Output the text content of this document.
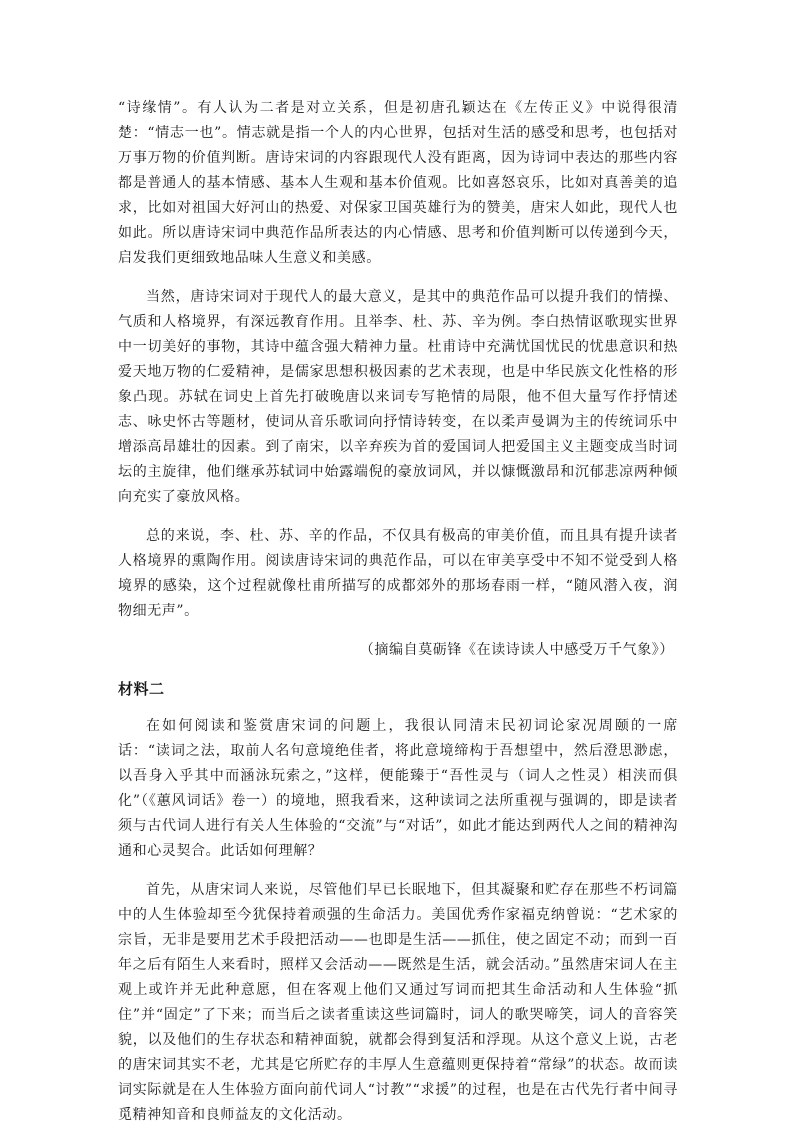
“诗缘情”。有人认为二者是对立关系，但是初唐孔颖达在《左传正义》中说得很清楚：“情志一也”。情志就是指一个人的内心世界，包括对生活的感受和思考，也包括对万事万物的价值判断。唐诗宋词的内容跟现代人没有距离，因为诗词中表达的那些内容都是普通人的基本情感、基本人生观和基本价值观。比如喜怒哀乐，比如对真善美的追求，比如对祖国大好河山的热爱、对保家卫国英雄行为的赞美，唐宋人如此，现代人也如此。所以唐诗宋词中典范作品所表达的内心情感、思考和价值判断可以传递到今天，启发我们更细致地品味人生意义和美感。

当然，唐诗宋词对于现代人的最大意义，是其中的典范作品可以提升我们的情操、气质和人格境界，有深远教育作用。且举李、杜、苏、辛为例。李白热情讴歌现实世界中一切美好的事物，其诗中蕴含强大精神力量。杜甫诗中充满忧国忧民的忧患意识和热爱天地万物的仁爱精神，是儒家思想积极因素的艺术表现，也是中华民族文化性格的形象凸现。苏轼在词史上首先打破晚唐以来词专写艳情的局限，他不但大量写作抒情述志、咏史怀古等题材，使词从音乐歌词向抒情诗转变，在以柔声曼调为主的传统词乐中增添高昂雄壮的因素。到了南宋，以辛弃疾为首的爱国词人把爱国主义主题变成当时词坛的主旋律，他们继承苏轼词中始露端倪的豪放词风，并以慷慨激昂和沉郁悲凉两种倾向充实了豪放风格。

总的来说，李、杜、苏、辛的作品，不仅具有极高的审美价值，而且具有提升读者人格境界的熏陶作用。阅读唐诗宋词的典范作品，可以在审美享受中不知不觉受到人格境界的感染，这个过程就像杜甫所描写的成都郊外的那场春雨一样，“随风潜入夜，润物细无声”。

（摘编自莫砺锋《在读诗读人中感受万千气象》）

材料二

在如何阅读和鉴赏唐宋词的问题上，我很认同清末民初词论家况周颐的一席话：“读词之法，取前人名句意境绝佳者，将此意境缔构于吾想望中，然后澄思渺虑，以吾身入乎其中而涵泳玩索之，”这样，便能臻于“吾性灵与（词人之性灵）相浃而俱化”（《蕙风词话》卷一）的境地，照我看来，这种读词之法所重视与强调的，即是读者须与古代词人进行有关人生体验的“交流”与“对话”，如此才能达到两代人之间的精神沟通和心灵契合。此话如何理解？

首先，从唐宋词人来说，尽管他们早已长眠地下，但其凝聚和贮存在那些不朽词篇中的人生体验却至今犹保持着顽强的生命活力。美国优秀作家福克纳曾说：“艺术家的宗旨，无非是要用艺术手段把活动——也即是生活——抓住，使之固定不动；而到一百年之后有陌生人来看时，照样又会活动——既然是生活，就会活动。”虽然唐宋词人在主观上或许并无此种意愿，但在客观上他们又通过写词而把其生命活动和人生体验“抓住”并“固定”了下来；而当后之读者重读这些词篇时，词人的歌哭啼笑，词人的音容笑貌，以及他们的生存状态和精神面貌，就都会得到复活和浮现。从这个意义上说，古老的唐宋词其实不老，尤其是它所贮存的丰厚人生意蕴则更保持着“常绿”的状态。故而读词实际就是在人生体验方面向前代词人“讨教”“求援”的过程，也是在古代先行者中间寻觅精神知音和良师益友的文化活动。
